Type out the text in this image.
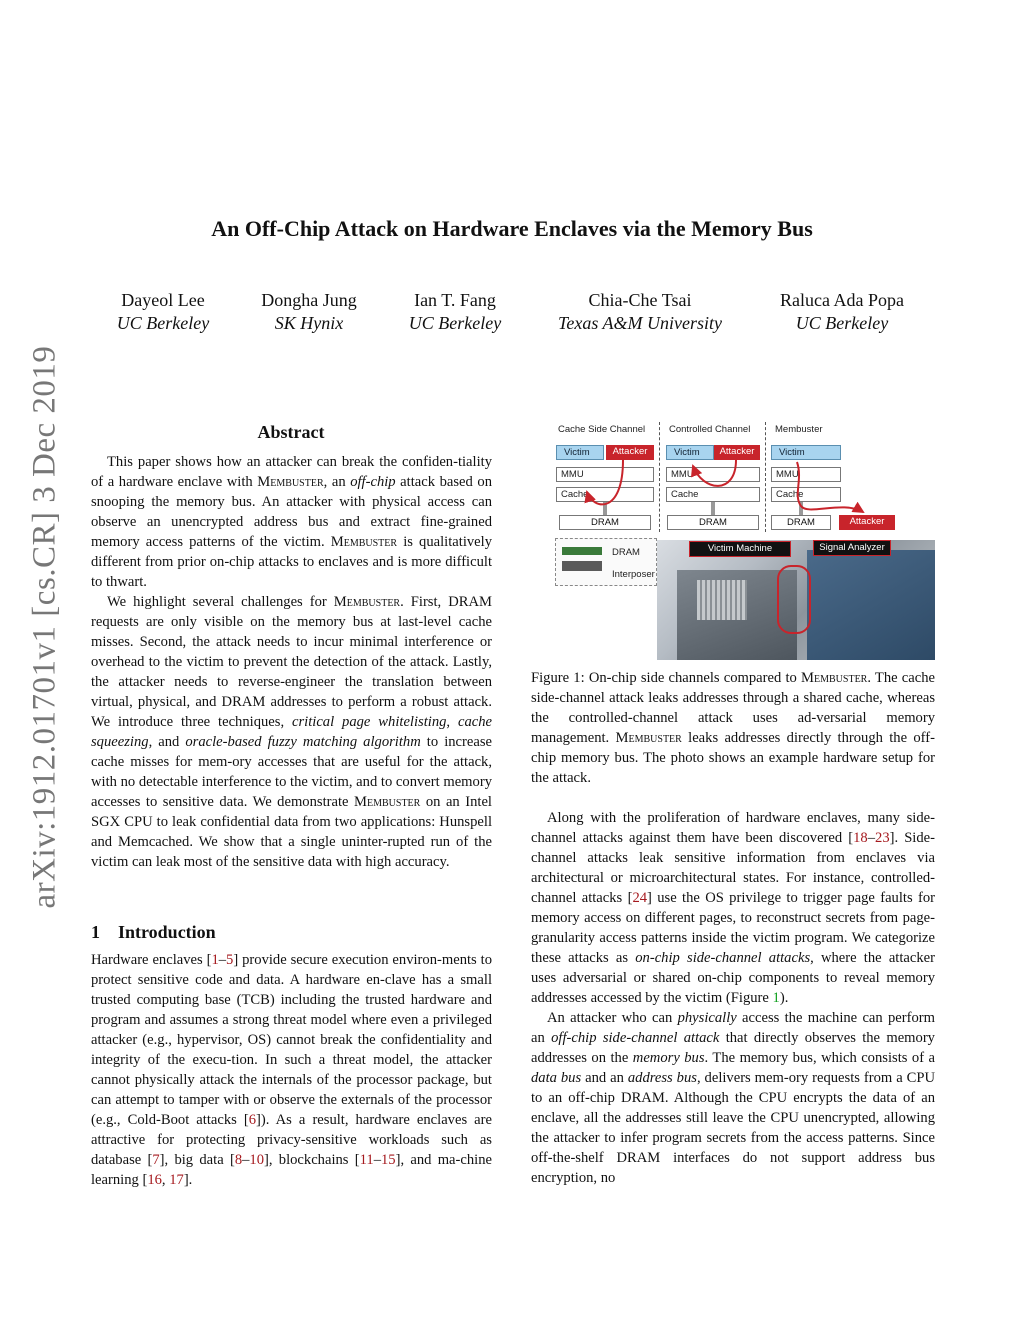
arXiv:1912.01701v1 [cs.CR] 3 Dec 2019
An Off-Chip Attack on Hardware Enclaves via the Memory Bus
Dayeol Lee
UC Berkeley
Dongha Jung
SK Hynix
Ian T. Fang
UC Berkeley
Chia-Che Tsai
Texas A&M University
Raluca Ada Popa
UC Berkeley
Abstract

This paper shows how an attacker can break the confiden-tiality of a hardware enclave with Membuster, an off-chip attack based on snooping the memory bus. An attacker with physical access can observe an unencrypted address bus and extract fine-grained memory access patterns of the victim. Membuster is qualitatively different from prior on-chip attacks to enclaves and is more difficult to thwart.

We highlight several challenges for Membuster. First, DRAM requests are only visible on the memory bus at last-level cache misses. Second, the attack needs to incur minimal interference or overhead to the victim to prevent the detection of the attack. Lastly, the attacker needs to reverse-engineer the translation between virtual, physical, and DRAM addresses to perform a robust attack. We introduce three techniques, critical page whitelisting, cache squeezing, and oracle-based fuzzy matching algorithm to increase cache misses for mem-ory accesses that are useful for the attack, with no detectable interference to the victim, and to convert memory accesses to sensitive data. We demonstrate Membuster on an Intel SGX CPU to leak confidential data from two applications: Hunspell and Memcached. We show that a single uninter-rupted run of the victim can leak most of the sensitive data with high accuracy.

1 Introduction

Hardware enclaves [1–5] provide secure execution environ-ments to protect sensitive code and data. A hardware en-clave has a small trusted computing base (TCB) including the trusted hardware and program and assumes a strong threat model where even a privileged attacker (e.g., hypervisor, OS) cannot break the confidentiality and integrity of the execu-tion. In such a threat model, the attacker cannot physically attack the internals of the processor package, but can attempt to tamper with or observe the externals of the processor (e.g., Cold-Boot attacks [6]). As a result, hardware enclaves are attractive for protecting privacy-sensitive workloads such as database [7], big data [8–10], blockchains [11–15], and ma-chine learning [16, 17].

Cache Side Channel	Controlled Channel	Membuster
Victim	Attacker
MMU
Cache
DRAM
Victim	Attacker
MMU
Cache
DRAM
Victim
MMU
Cache
DRAM	Attacker
DRAM
Interposer
Victim Machine	Signal Analyzer

Figure 1: On-chip side channels compared to Membuster. The cache side-channel attack leaks addresses through a shared cache, whereas the controlled-channel attack uses ad-versarial memory management. Membuster leaks addresses directly through the off-chip memory bus. The photo shows an example hardware setup for the attack.

Along with the proliferation of hardware enclaves, many side-channel attacks against them have been discovered [18–23]. Side-channel attacks leak sensitive information from enclaves via architectural or microarchitectural states. For instance, controlled-channel attacks [24] use the OS privilege to trigger page faults for memory access on different pages, to reconstruct secrets from page-granularity access patterns inside the victim program. We categorize these attacks as on-chip side-channel attacks, where the attacker uses adversarial or shared on-chip components to reveal memory addresses accessed by the victim (Figure 1).

An attacker who can physically access the machine can perform an off-chip side-channel attack that directly observes the memory addresses on the memory bus. The memory bus, which consists of a data bus and an address bus, delivers mem-ory requests from a CPU to an off-chip DRAM. Although the CPU encrypts the data of an enclave, all the addresses still leave the CPU unencrypted, allowing the attacker to infer program secrets from the access patterns. Since off-the-shelf DRAM interfaces do not support address bus encryption, no
